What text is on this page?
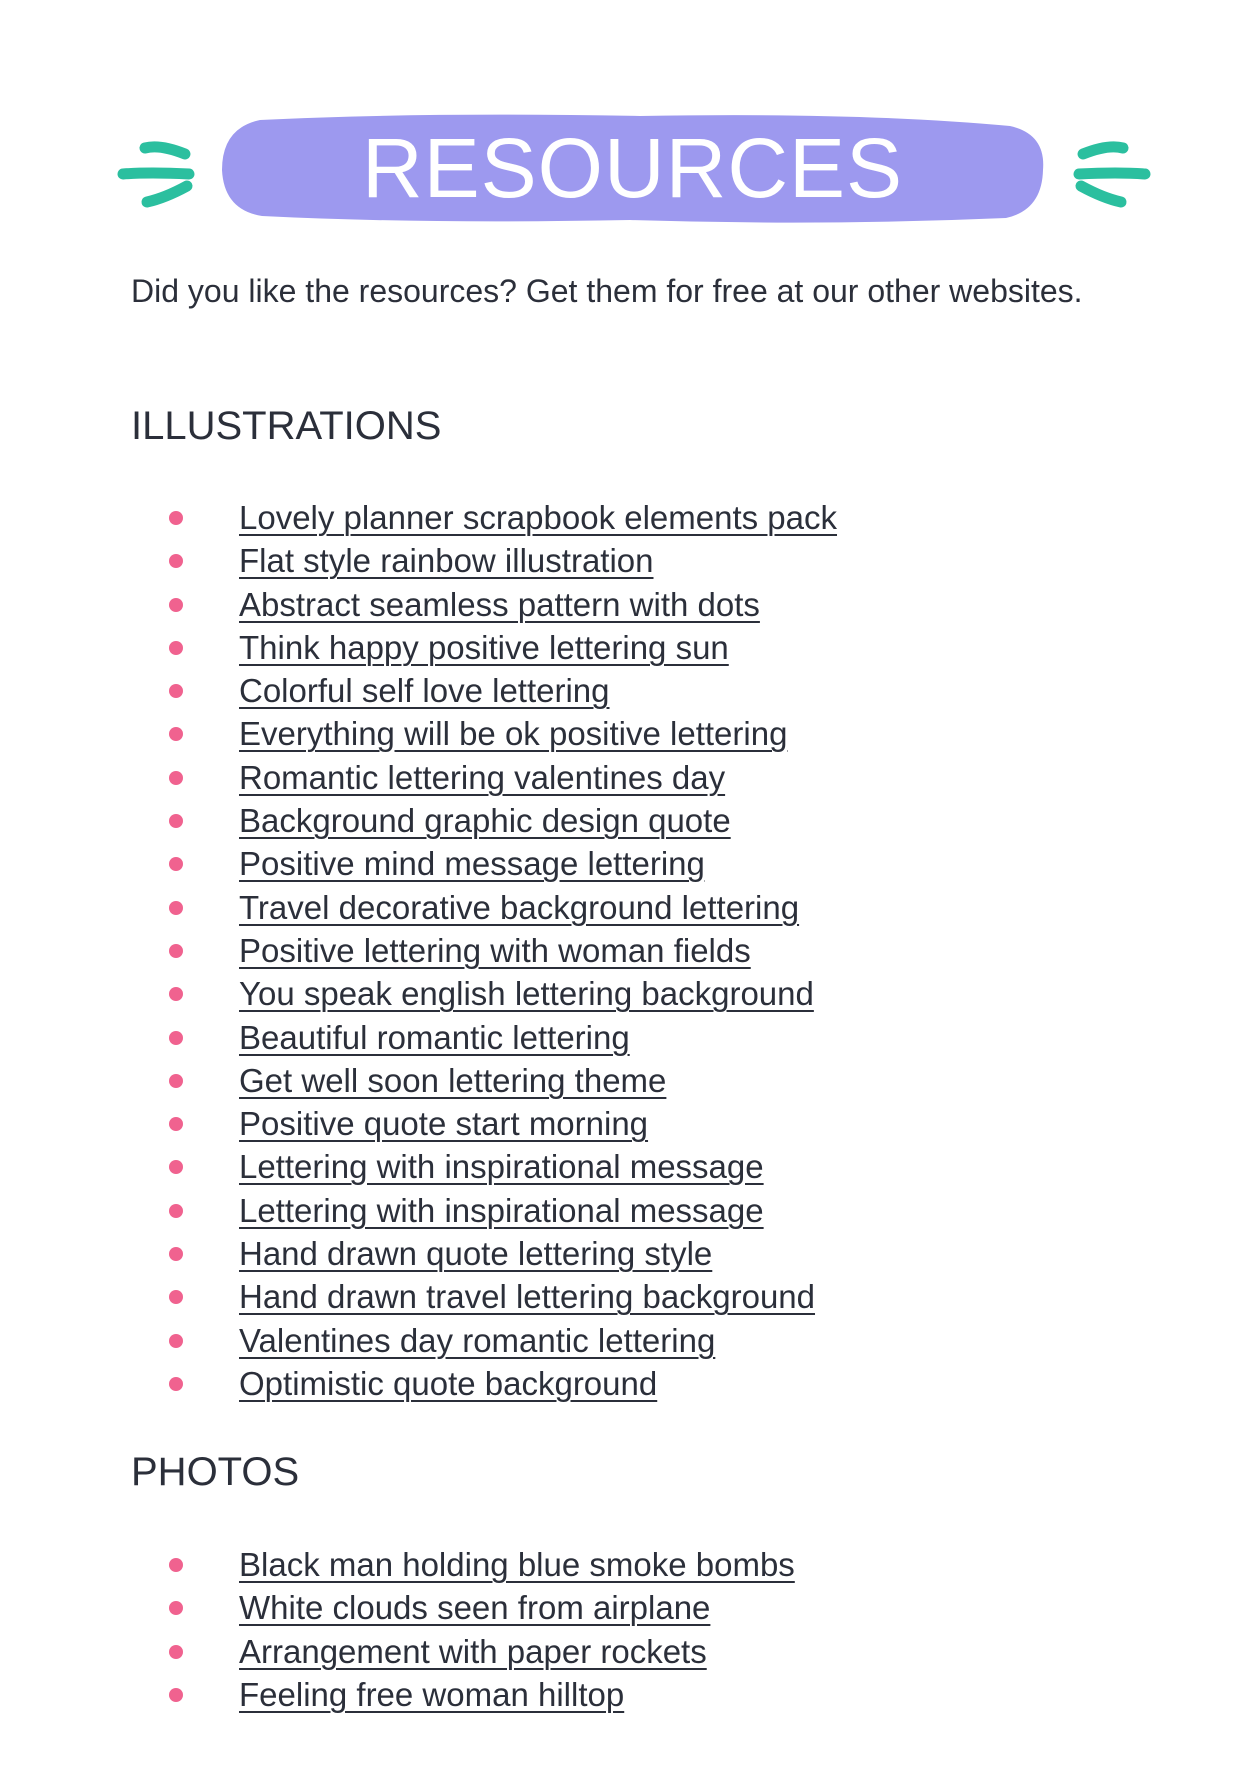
RESOURCES

Did you like the resources? Get them for free at our other websites.

ILLUSTRATIONS
Lovely planner scrapbook elements pack
Flat style rainbow illustration
Abstract seamless pattern with dots
Think happy positive lettering sun
Colorful self love lettering
Everything will be ok positive lettering
Romantic lettering valentines day
Background graphic design quote
Positive mind message lettering
Travel decorative background lettering
Positive lettering with woman fields
You speak english lettering background
Beautiful romantic lettering
Get well soon lettering theme
Positive quote start morning
Lettering with inspirational message
Lettering with inspirational message
Hand drawn quote lettering style
Hand drawn travel lettering background
Valentines day romantic lettering
Optimistic quote background
PHOTOS
Black man holding blue smoke bombs
White clouds seen from airplane
Arrangement with paper rockets
Feeling free woman hilltop
